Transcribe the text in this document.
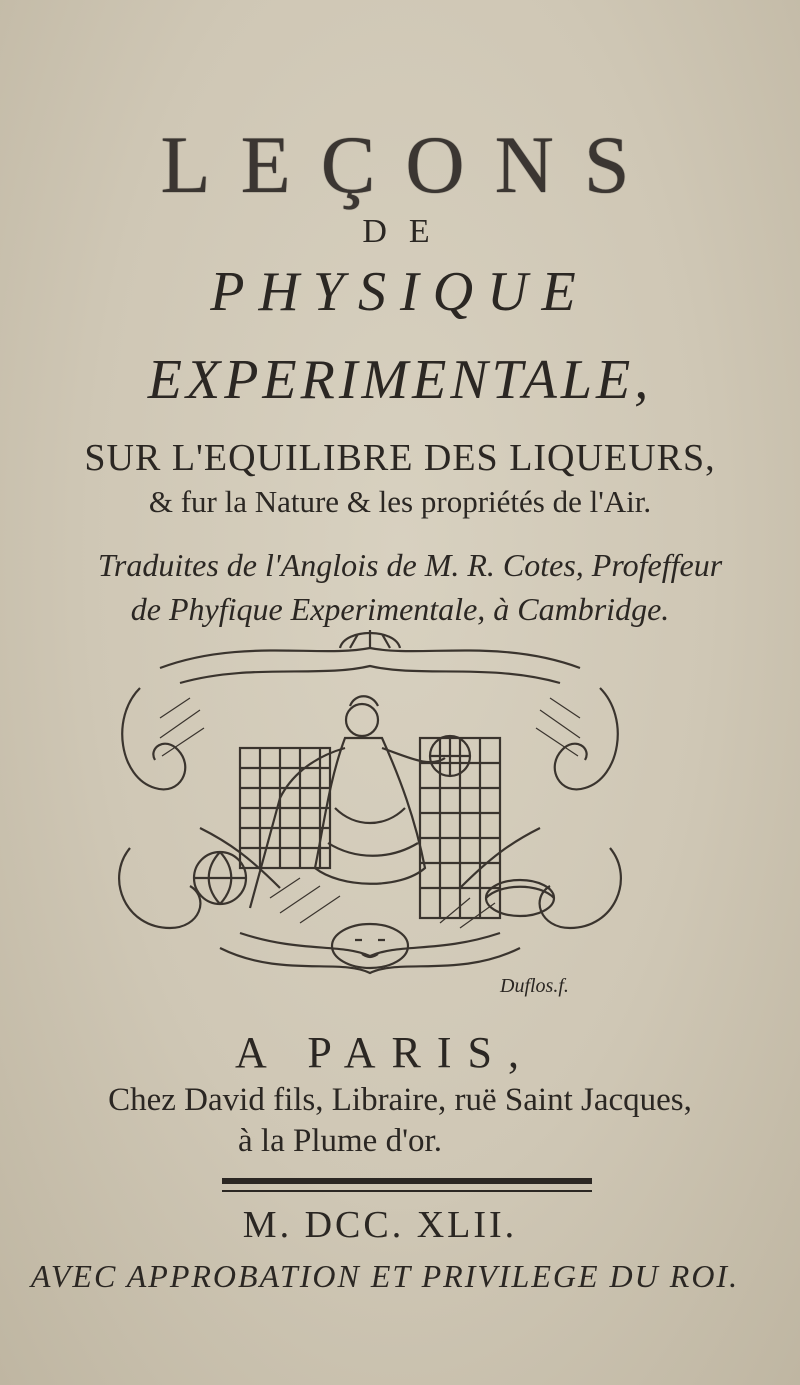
LEÇONS
DE
PHYSIQUE
EXPERIMENTALE,
SUR L'EQUILIBRE DES LIQUEURS,
& fur la Nature & les propriétés de l'Air.
Traduites de l'Anglois de M. R. Cotes, Profeffeur
de Phyfique Experimentale, à Cambridge.
Duflos.f.
A PARIS,
Chez David fils, Libraire, ruë Saint Jacques,
à la Plume d'or.
M. DCC. XLII.
AVEC APPROBATION ET PRIVILEGE DU ROI.
